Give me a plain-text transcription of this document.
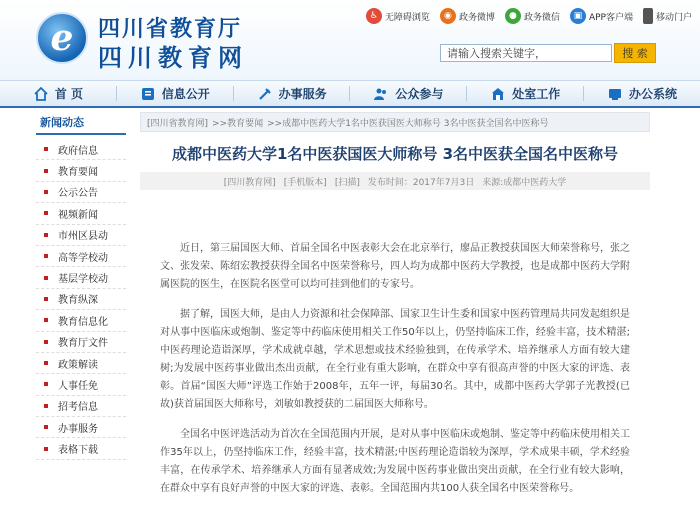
e 四川省教育厅
四川教育网
♿ 无障碍浏览	◉ 政务微博	● 政务微信	▣ APP客户端	移动门户
请输入搜索关键字，
搜 索
首 页	信息公开	办事服务	公众参与	处室工作	办公系统
新闻动态
政府信息
教育要闻
公示公告
视频新闻
市州区县动
高等学校动
基层学校动
教育纵深
教育信息化
教育厅文件
政策解读
人事任免
招考信息
办事服务
表格下载
[四川省教育网] >>教育要闻 >>成都中医药大学1名中医获国医大师称号 3名中医获全国名中医称号
成都中医药大学1名中医获国医大师称号 3名中医获全国名中医称号
[四川教育网] [手机版本] [扫描] 发布时间：2017年7月3日 来源:成都中医药大学

近日，第三届国医大师、首届全国名中医表彰大会在北京举行，廖品正教授获国医大师荣誉称号，张之文、张发荣、陈绍宏教授获得全国名中医荣誉称号，四人均为成都中医药大学教授，也是成都中医药大学附属医院的医生，在医院名医堂可以均可挂到他们的专家号。

据了解，国医大师，是由人力资源和社会保障部、国家卫生计生委和国家中医药管理局共同发起组织是对从事中医临床或炮制、鉴定等中药临床使用相关工作50年以上，仍坚持临床工作，经验丰富，技术精湛;中医药理论造诣深厚，学术成就卓越，学术思想或技术经验独到，在传承学术、培养继承人方面有较大建树;为发展中医药事业做出杰出贡献，在全行业有重大影响，在群众中享有很高声誉的中医大家的评选、表彰。首届“国医大师”评选工作始于2008年，五年一评，每届30名。其中，成都中医药大学郭子光教授(已故)获首届国医大师称号，刘敏如教授获的二届国医大师称号。

全国名中医评选活动为首次在全国范围内开展，是对从事中医临床或炮制、鉴定等中药临床使用相关工作35年以上，仍坚持临床工作，经验丰富，技术精湛;中医药理论造诣较为深厚，学术成果丰硕，学术经验丰富，在传承学术、培养继承人方面有显著成效;为发展中医药事业做出突出贡献，在全行业有较大影响，在群众中享有良好声誉的中医大家的评选、表彰。全国范围内共100人获全国名中医荣誉称号。
